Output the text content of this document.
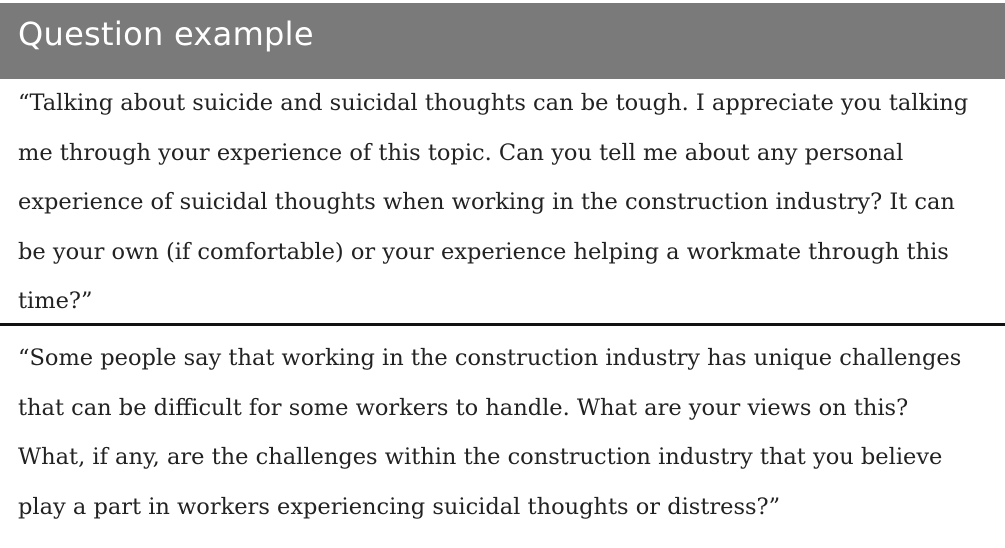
Question example

“Talking about suicide and suicidal thoughts can be tough. I appreciate you talking
me through your experience of this topic. Can you tell me about any personal
experience of suicidal thoughts when working in the construction industry? It can
be your own (if comfortable) or your experience helping a workmate through this
time?”

“Some people say that working in the construction industry has unique challenges
that can be difficult for some workers to handle. What are your views on this?
What, if any, are the challenges within the construction industry that you believe
play a part in workers experiencing suicidal thoughts or distress?”
